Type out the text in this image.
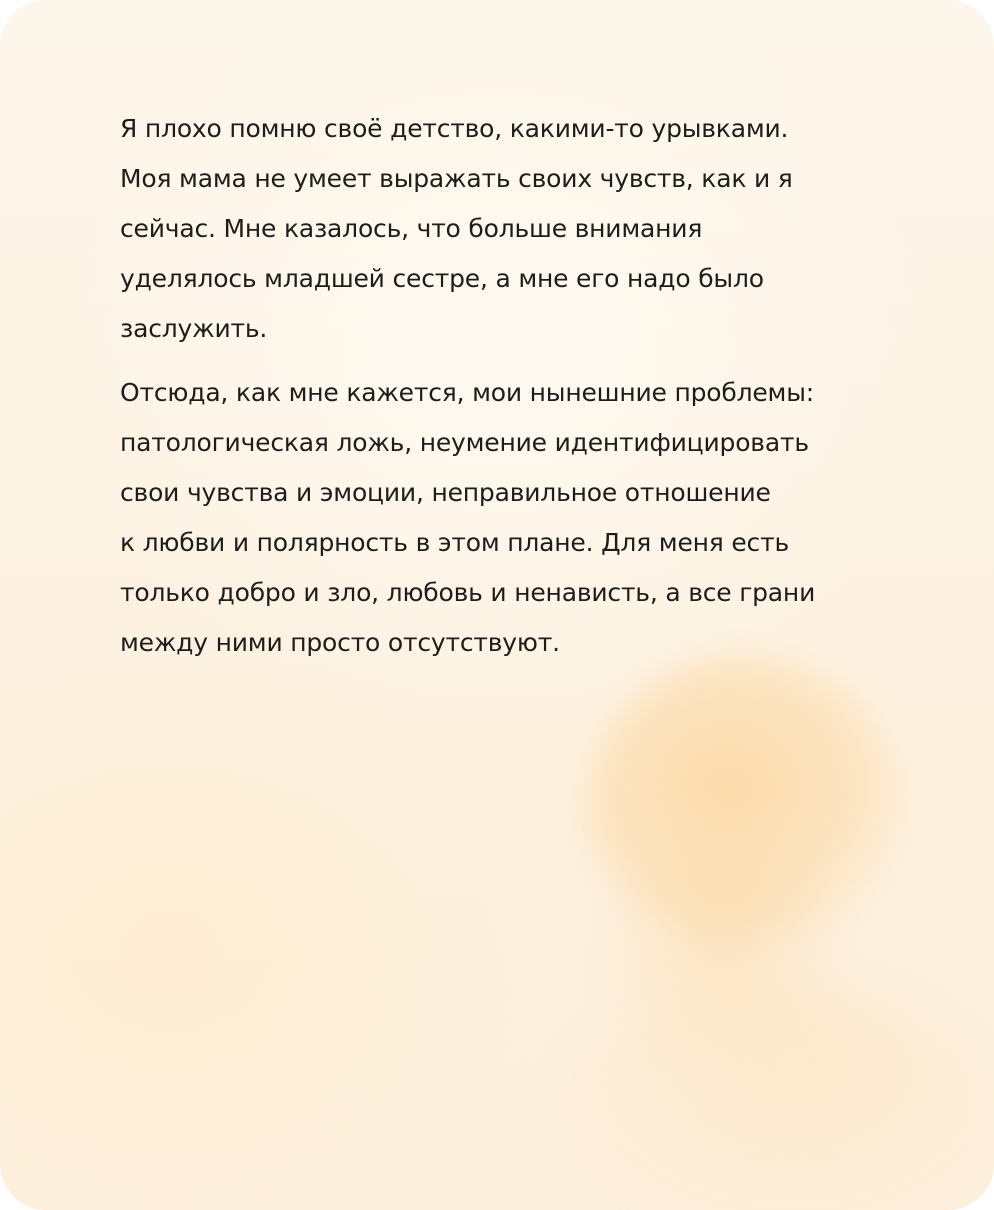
Я плохо помню своё детство, какими-то урывками.
Моя мама не умеет выражать своих чувств, как и я
сейчас. Мне казалось, что больше внимания
уделялось младшей сестре, а мне его надо было
заслужить.

Отсюда, как мне кажется, мои нынешние проблемы:
патологическая ложь, неумение идентифицировать
свои чувства и эмоции, неправильное отношение
к любви и полярность в этом плане. Для меня есть
только добро и зло, любовь и ненависть, а все грани
между ними просто отсутствуют.
